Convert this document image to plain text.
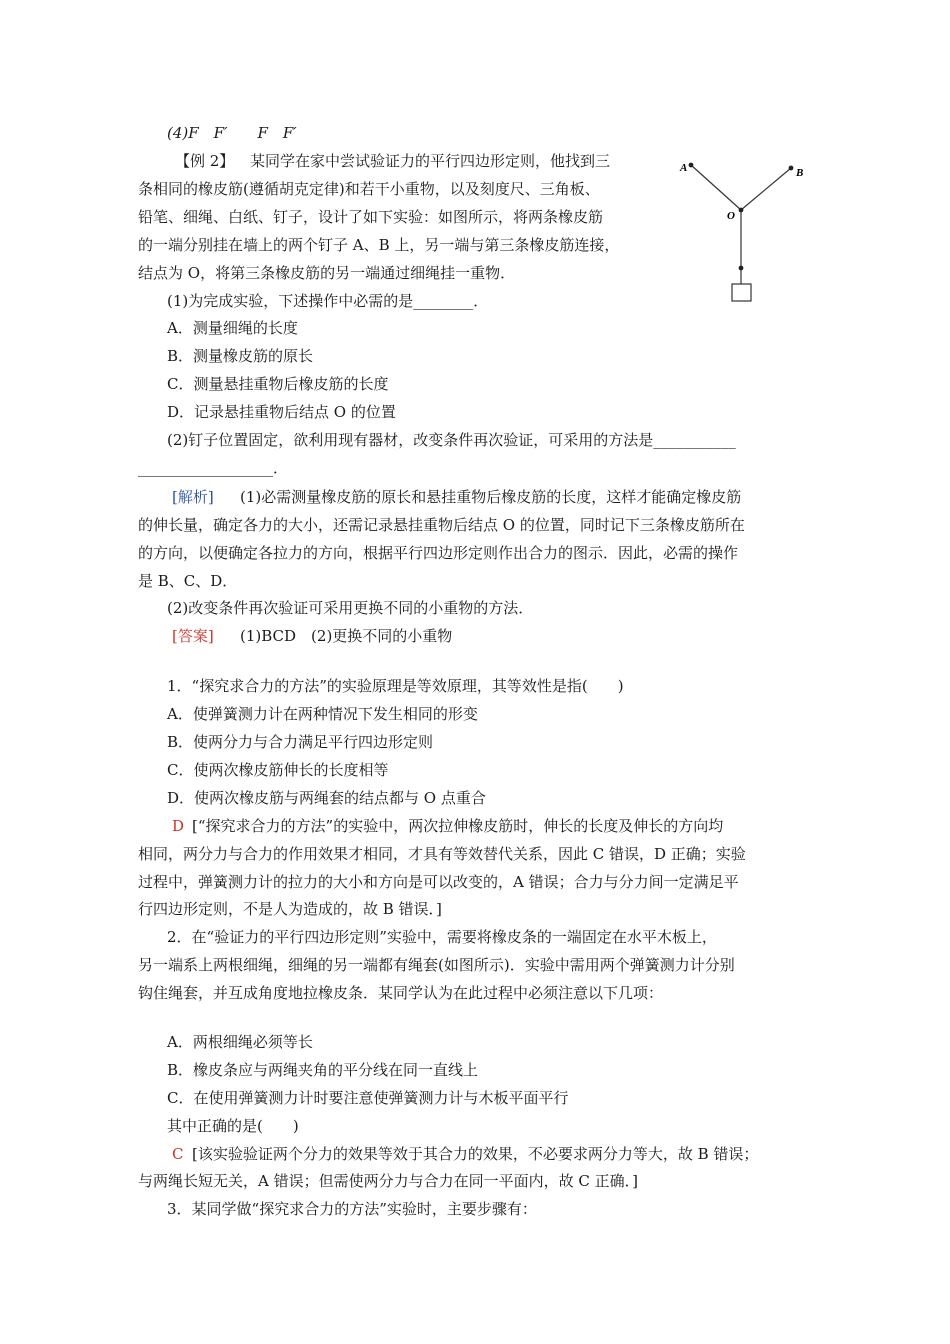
(4)F　F′　　F　F′
【例 2】 某同学在家中尝试验证力的平行四边形定则，他找到三
条相同的橡皮筋(遵循胡克定律)和若干小重物，以及刻度尺、三角板、
铅笔、细绳、白纸、钉子，设计了如下实验：如图所示，将两条橡皮筋
的一端分别挂在墙上的两个钉子 A、B 上，另一端与第三条橡皮筋连接，
结点为 O，将第三条橡皮筋的另一端通过细绳挂一重物．
(1)为完成实验，下述操作中必需的是________．
A．测量细绳的长度
B．测量橡皮筋的原长
C．测量悬挂重物后橡皮筋的长度
D．记录悬挂重物后结点 O 的位置
(2)钉子位置固定，欲利用现有器材，改变条件再次验证，可采用的方法是___________
__________________．
A	B
O
[解析] (1)必需测量橡皮筋的原长和悬挂重物后橡皮筋的长度，这样才能确定橡皮筋
的伸长量，确定各力的大小，还需记录悬挂重物后结点 O 的位置，同时记下三条橡皮筋所在
的方向，以便确定各拉力的方向，根据平行四边形定则作出合力的图示．因此，必需的操作
是 B、C、D．
(2)改变条件再次验证可采用更换不同的小重物的方法．
[答案] (1)BCD　(2)更换不同的小重物
1．“探究求合力的方法”的实验原理是等效原理，其等效性是指(　　)
A．使弹簧测力计在两种情况下发生相同的形变
B．使两分力与合力满足平行四边形定则
C．使两次橡皮筋伸长的长度相等
D．使两次橡皮筋与两绳套的结点都与 O 点重合
D [“探究求合力的方法”的实验中，两次拉伸橡皮筋时，伸长的长度及伸长的方向均
相同，两分力与合力的作用效果才相同，才具有等效替代关系，因此 C 错误，D 正确；实验
过程中，弹簧测力计的拉力的大小和方向是可以改变的，A 错误；合力与分力间一定满足平
行四边形定则，不是人为造成的，故 B 错误．]
2．在“验证力的平行四边形定则”实验中，需要将橡皮条的一端固定在水平木板上，
另一端系上两根细绳，细绳的另一端都有绳套(如图所示)．实验中需用两个弹簧测力计分别
钩住绳套，并互成角度地拉橡皮条．某同学认为在此过程中必须注意以下几项：
A．两根细绳必须等长
B．橡皮条应与两绳夹角的平分线在同一直线上
C．在使用弹簧测力计时要注意使弹簧测力计与木板平面平行
其中正确的是(　　)
C [该实验验证两个分力的效果等效于其合力的效果，不必要求两分力等大，故 B 错误；
与两绳长短无关，A 错误；但需使两分力与合力在同一平面内，故 C 正确．]
3．某同学做“探究求合力的方法”实验时，主要步骤有：
